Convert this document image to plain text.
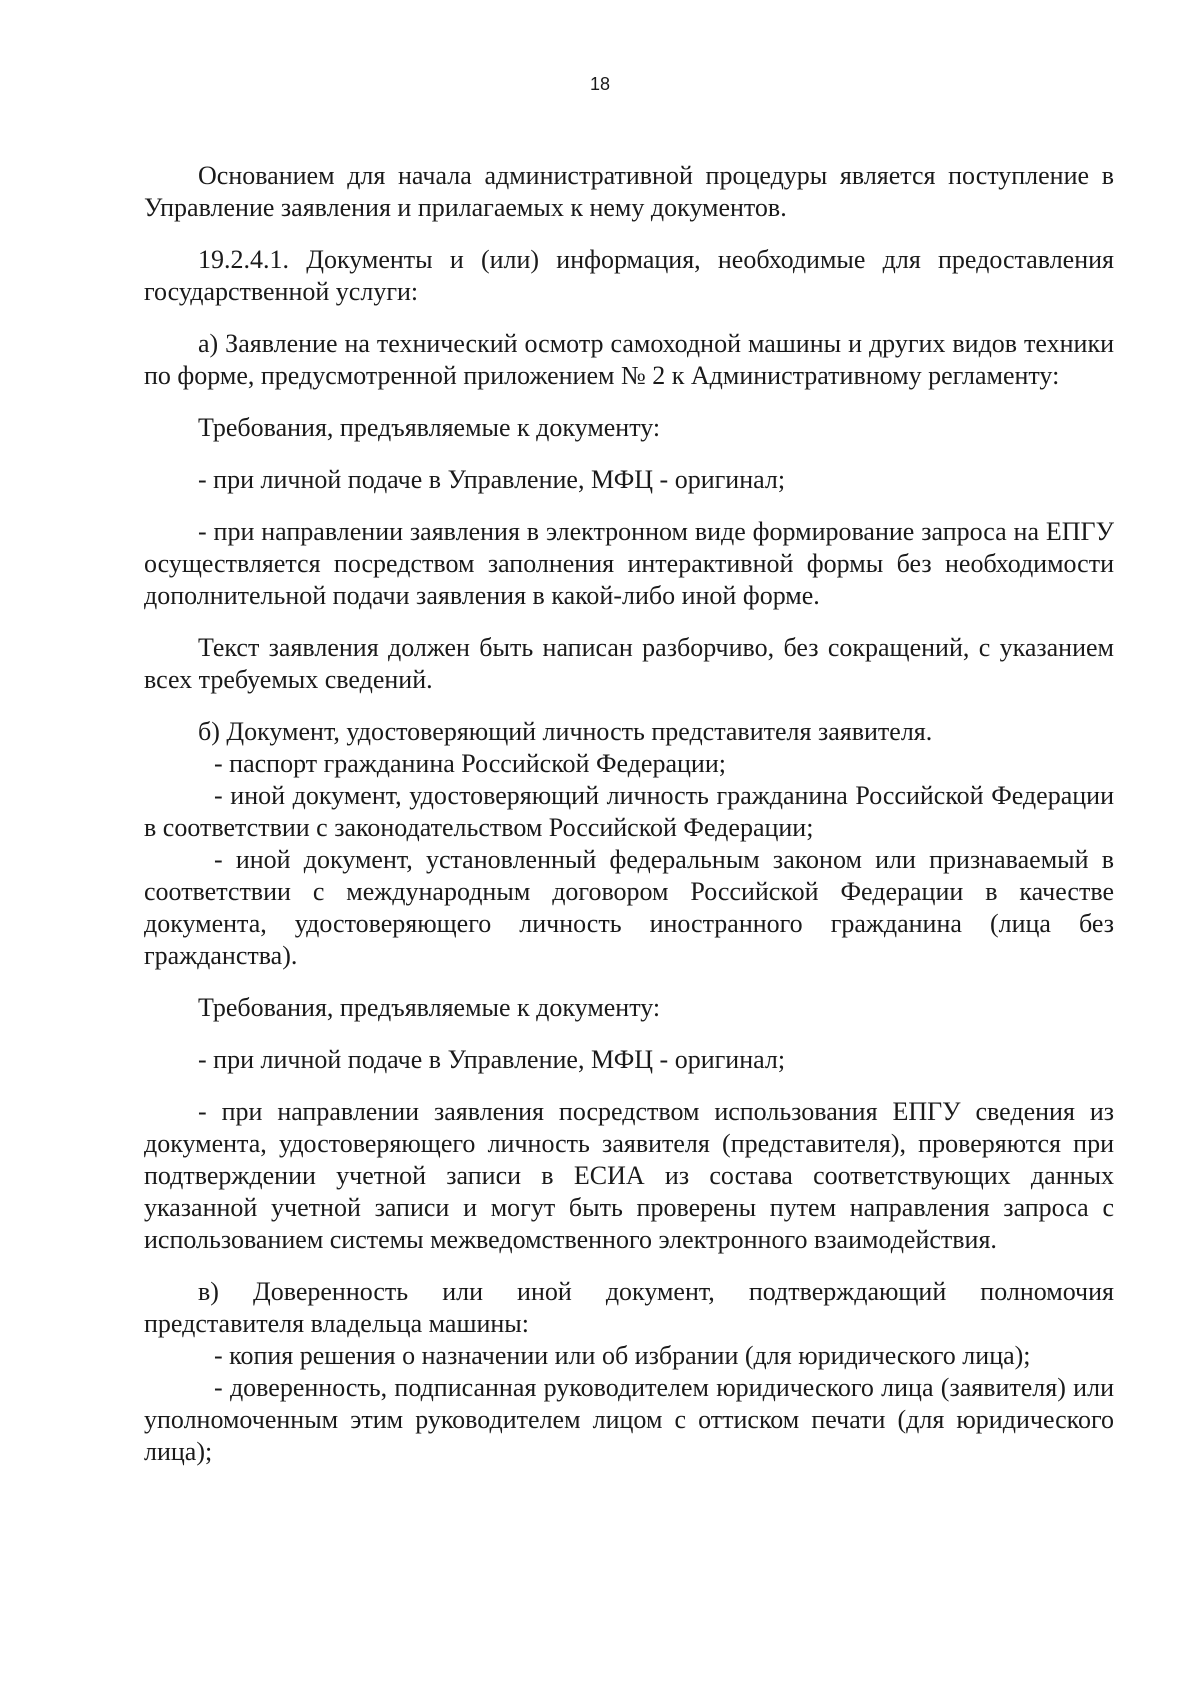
18

Основанием для начала административной процедуры является поступление в Управление заявления и прилагаемых к нему документов.

19.2.4.1. Документы и (или) информация, необходимые для предоставления государственной услуги:

а) Заявление на технический осмотр самоходной машины и других видов техники по форме, предусмотренной приложением № 2 к Административному регламенту:

Требования, предъявляемые к документу:

- при личной подаче в Управление, МФЦ - оригинал;

- при направлении заявления в электронном виде формирование запроса на ЕПГУ осуществляется посредством заполнения интерактивной формы без необходимости дополнительной подачи заявления в какой-либо иной форме.

Текст заявления должен быть написан разборчиво, без сокращений, с указанием всех требуемых сведений.

б) Документ, удостоверяющий личность представителя заявителя.

- паспорт гражданина Российской Федерации;

- иной документ, удостоверяющий личность гражданина Российской Федерации в соответствии с законодательством Российской Федерации;

- иной документ, установленный федеральным законом или признаваемый в соответствии с международным договором Российской Федерации в качестве документа, удостоверяющего личность иностранного гражданина (лица без гражданства).

Требования, предъявляемые к документу:

- при личной подаче в Управление, МФЦ - оригинал;

- при направлении заявления посредством использования ЕПГУ сведения из документа, удостоверяющего личность заявителя (представителя), проверяются при подтверждении учетной записи в ЕСИА из состава соответствующих данных указанной учетной записи и могут быть проверены путем направления запроса с использованием системы межведомственного электронного взаимодействия.

в) Доверенность или иной документ, подтверждающий полномочия представителя владельца машины:

- копия решения о назначении или об избрании (для юридического лица);

- доверенность, подписанная руководителем юридического лица (заявителя) или уполномоченным этим руководителем лицом с оттиском печати (для юридического лица);
